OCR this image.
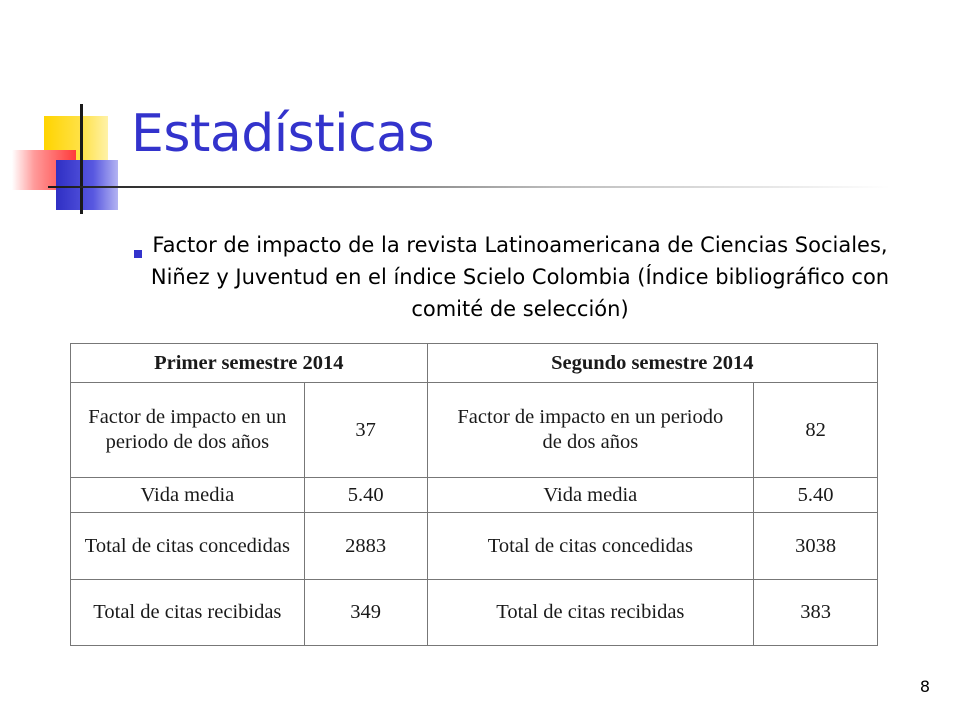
Estadísticas
Factor de impacto de la revista Latinoamericana de Ciencias Sociales, Niñez y Juventud en el índice Scielo Colombia (Índice bibliográfico con comité de selección)
Primer semestre 2014		Segundo semestre 2014	
Factor de impacto en un periodo de dos años	37	Factor de impacto en un periodo de dos años	82
Vida media	5.40	Vida media	5.40
Total de citas concedidas	2883	Total de citas concedidas	3038
Total de citas recibidas	349	Total de citas recibidas	383
8
